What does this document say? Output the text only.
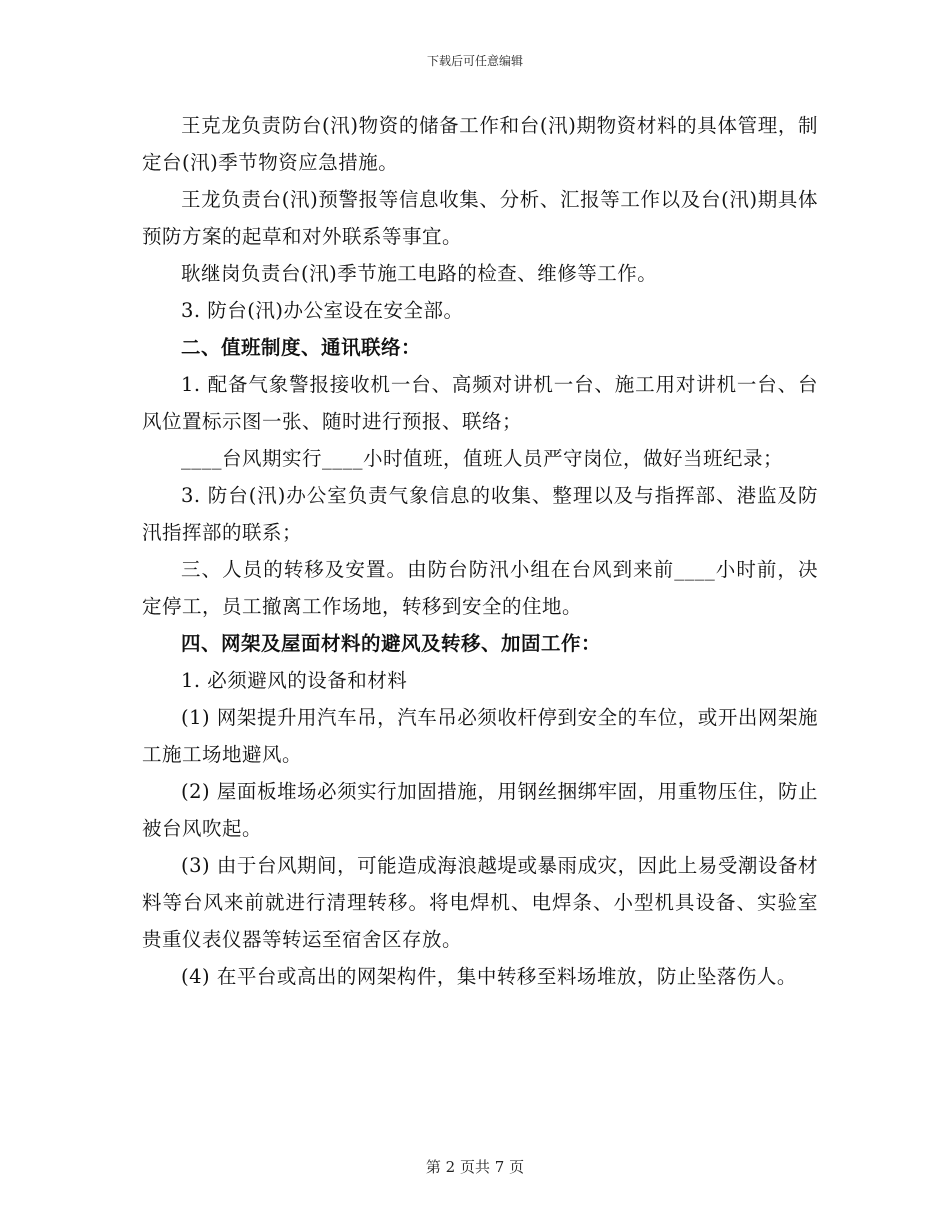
下载后可任意编辑

王克龙负责防台(汛)物资的储备工作和台(汛)期物资材料的具体管理，制定台(汛)季节物资应急措施。

王龙负责台(汛)预警报等信息收集、分析、汇报等工作以及台(汛)期具体预防方案的起草和对外联系等事宜。

耿继岗负责台(汛)季节施工电路的检查、维修等工作。

3. 防台(汛)办公室设在安全部。

二、值班制度、通讯联络：

1. 配备气象警报接收机一台、高频对讲机一台、施工用对讲机一台、台风位置标示图一张、随时进行预报、联络；

____台风期实行____小时值班，值班人员严守岗位，做好当班纪录；

3. 防台(汛)办公室负责气象信息的收集、整理以及与指挥部、港监及防汛指挥部的联系；

三、人员的转移及安置。由防台防汛小组在台风到来前____小时前，决定停工，员工撤离工作场地，转移到安全的住地。

四、网架及屋面材料的避风及转移、加固工作：

1. 必须避风的设备和材料

(1) 网架提升用汽车吊，汽车吊必须收杆停到安全的车位，或开出网架施工施工场地避风。

(2) 屋面板堆场必须实行加固措施，用钢丝捆绑牢固，用重物压住，防止被台风吹起。

(3) 由于台风期间，可能造成海浪越堤或暴雨成灾，因此上易受潮设备材料等台风来前就进行清理转移。将电焊机、电焊条、小型机具设备、实验室贵重仪表仪器等转运至宿舍区存放。

(4) 在平台或高出的网架构件，集中转移至料场堆放，防止坠落伤人。

第 2 页共 7 页
